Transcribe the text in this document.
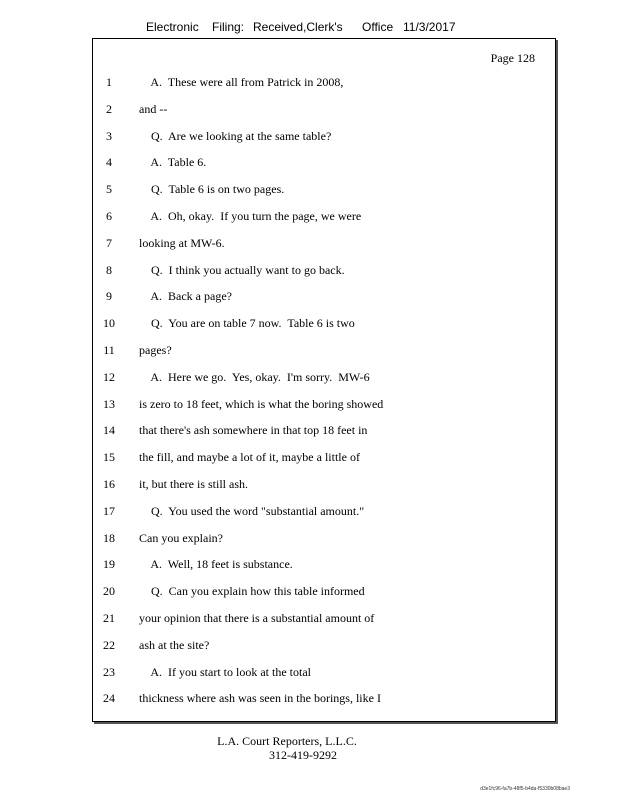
Electronic Filing: Received,Clerk's Office 11/3/2017
Page 128
1	A.  These were all from Patrick in 2008,
2	and --
3	Q.  Are we looking at the same table?
4	A.  Table 6.
5	Q.  Table 6 is on two pages.
6	A.  Oh, okay.  If you turn the page, we were
7	looking at MW-6.
8	Q.  I think you actually want to go back.
9	A.  Back a page?
10	Q.  You are on table 7 now.  Table 6 is two
11	pages?
12	A.  Here we go.  Yes, okay.  I'm sorry.  MW-6
13	is zero to 18 feet, which is what the boring showed
14	that there's ash somewhere in that top 18 feet in
15	the fill, and maybe a lot of it, maybe a little of
16	it, but there is still ash.
17	Q.  You used the word "substantial amount."
18	Can you explain?
19	A.  Well, 18 feet is substance.
20	Q.  Can you explain how this table informed
21	your opinion that there is a substantial amount of
22	ash at the site?
23	A.  If you start to look at the total
24	thickness where ash was seen in the borings, like I
L.A. Court Reporters, L.L.C.
312-419-9292
d3e1fc96-fa7b-48f5-b4da-f5330b08bae3
